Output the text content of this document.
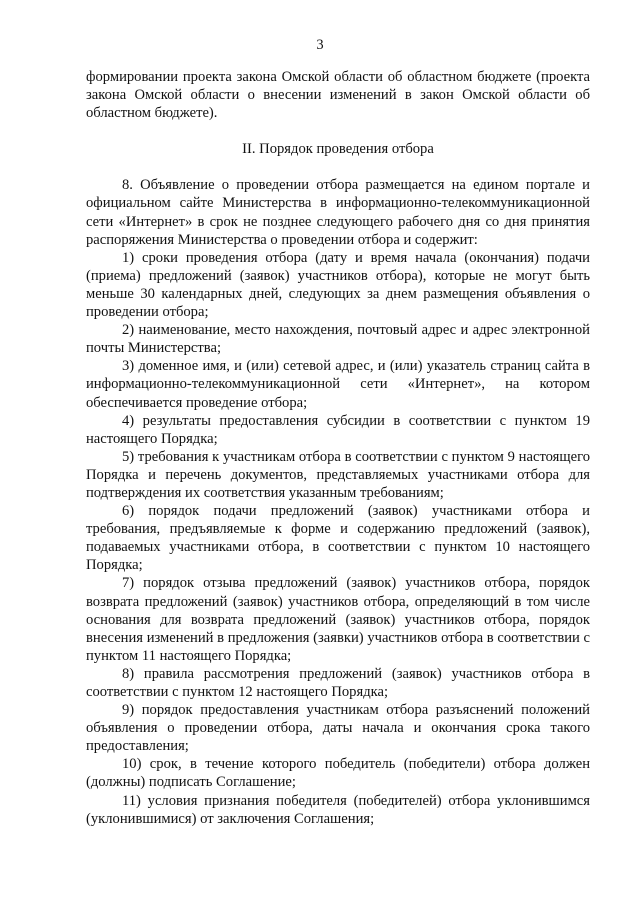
3

формировании проекта закона Омской области об областном бюджете (проекта закона Омской области о внесении изменений в закон Омской области об областном бюджете).

II. Порядок проведения отбора

8. Объявление о проведении отбора размещается на едином портале и официальном сайте Министерства в информационно-телекоммуникационной сети «Интернет» в срок не позднее следующего рабочего дня со дня принятия распоряжения Министерства о проведении отбора и содержит:

1) сроки проведения отбора (дату и время начала (окончания) подачи (приема) предложений (заявок) участников отбора), которые не могут быть меньше 30 календарных дней, следующих за днем размещения объявления о проведении отбора;

2) наименование, место нахождения, почтовый адрес и адрес электронной почты Министерства;

3) доменное имя, и (или) сетевой адрес, и (или) указатель страниц сайта в информационно-телекоммуникационной сети «Интернет», на котором обеспечивается проведение отбора;

4) результаты предоставления субсидии в соответствии с пунктом 19 настоящего Порядка;

5) требования к участникам отбора в соответствии с пунктом 9 настоящего Порядка и перечень документов, представляемых участниками отбора для подтверждения их соответствия указанным требованиям;

6) порядок подачи предложений (заявок) участниками отбора и требования, предъявляемые к форме и содержанию предложений (заявок), подаваемых участниками отбора, в соответствии с пунктом 10 настоящего Порядка;

7) порядок отзыва предложений (заявок) участников отбора, порядок возврата предложений (заявок) участников отбора, определяющий в том числе основания для возврата предложений (заявок) участников отбора, порядок внесения изменений в предложения (заявки) участников отбора в соответствии с пунктом 11 настоящего Порядка;

8) правила рассмотрения предложений (заявок) участников отбора в соответствии с пунктом 12 настоящего Порядка;

9) порядок предоставления участникам отбора разъяснений положений объявления о проведении отбора, даты начала и окончания срока такого предоставления;

10) срок, в течение которого победитель (победители) отбора должен (должны) подписать Соглашение;

11) условия признания победителя (победителей) отбора уклонившимся (уклонившимися) от заключения Соглашения;
